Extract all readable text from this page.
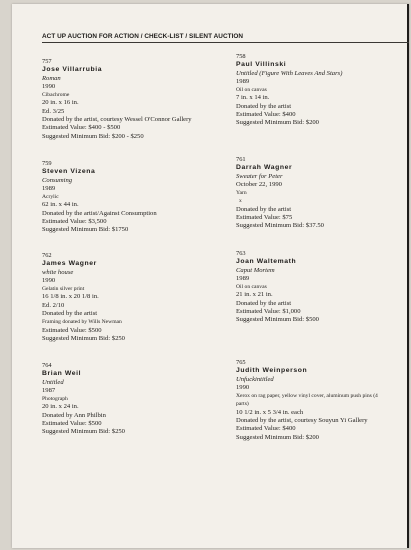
ACT UP AUCTION FOR ACTION / CHECK-LIST / SILENT AUCTION
757
Jose Villarrubia
Roman
1990
Cibachrome
20 in. x 16 in.
Ed. 3/25
Donated by the artist, courtesy Wessel O'Connor Gallery
Estimated Value: $400 - $500
Suggested Minimum Bid: $200 - $250
758
Paul Villinski
Untitled (Figure With Leaves And Stars)
1989
Oil on canvas
7 in. x 14 in.
Donated by the artist
Estimated Value: $400
Suggested Minimum Bid: $200
759
Steven Vizena
Consuming
1989
Acrylic
62 in. x 44 in.
Donated by the artist/Against Consumption
Estimated Value: $3,500
Suggested Minimum Bid: $1750
761
Darrah Wagner
Sweater for Peter
October 22, 1990
Yarn
x
Donated by the artist
Estimated Value: $75
Suggested Minimum Bid: $37.50
762
James Wagner
white house
1990
Gelatin silver print
16 1/8 in. x 20 1/8 in.
Ed. 2/10
Donated by the artist
Framing donated by Wills Newman
Estimated Value: $500
Suggested Minimum Bid: $250
763
Joan Waltemath
Caput Mortem
1989
Oil on canvas
21 in. x 21 in.
Donated by the artist
Estimated Value: $1,000
Suggested Minimum Bid: $500
764
Brian Weil
Untitled
1987
Photograph
20 in. x 24 in.
Donated by Ann Philbin
Estimated Value: $500
Suggested Minimum Bid: $250
765
Judith Weinperson
Unfuckintitled
1990
Xerox on rag paper, yellow vinyl cover, aluminum push pins (4
parts)
10 1/2 in. x 5 3/4 in. each
Donated by the artist, courtesy Souyun Yi Gallery
Estimated Value: $400
Suggested Minimum Bid: $200
